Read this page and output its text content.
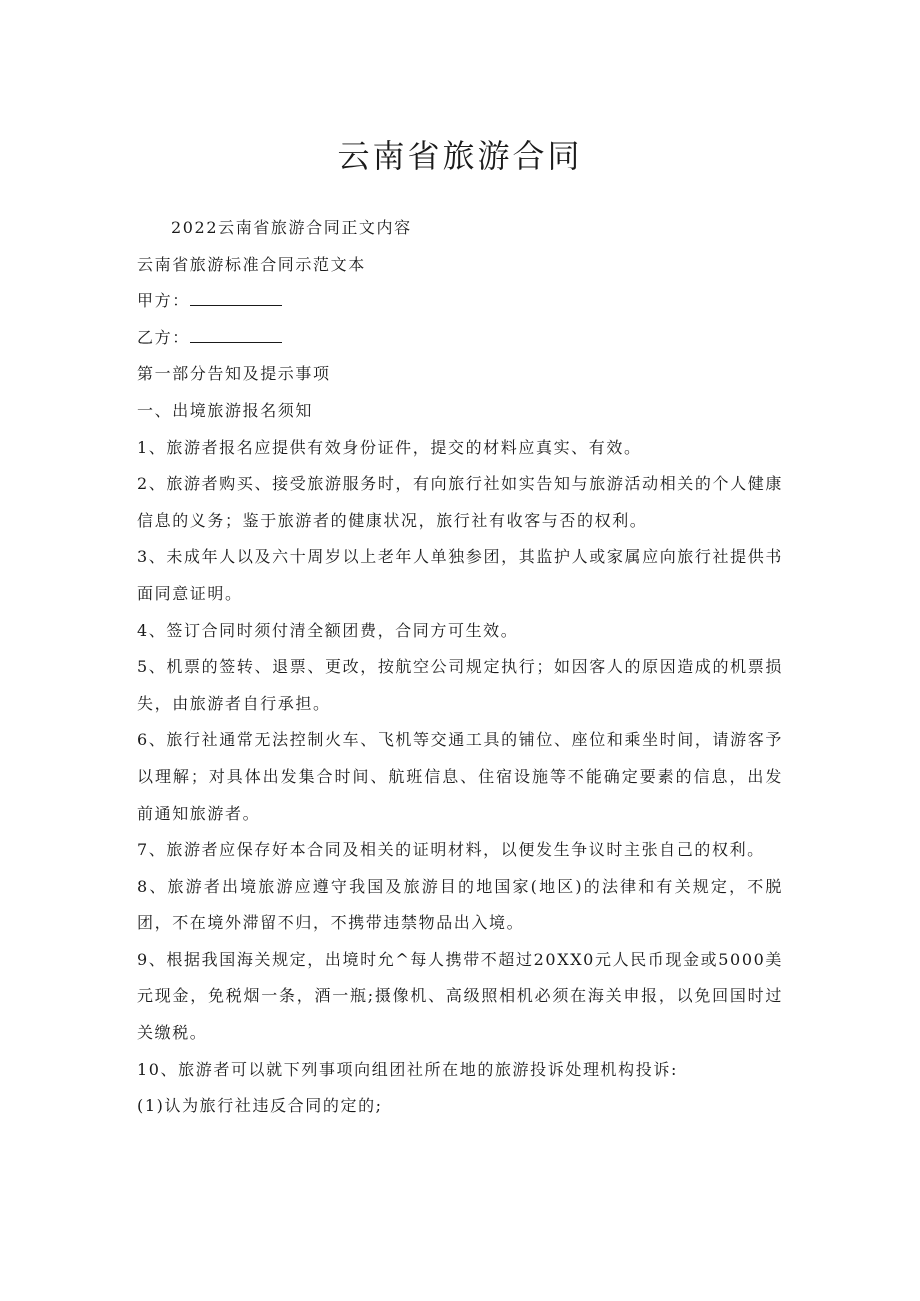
云南省旅游合同

2022云南省旅游合同正文内容

云南省旅游标准合同示范文本

甲方：

乙方：

第一部分告知及提示事项

一、出境旅游报名须知

1、旅游者报名应提供有效身份证件，提交的材料应真实、有效。

2、旅游者购买、接受旅游服务时，有向旅行社如实告知与旅游活动相关的个人健康信息的义务；鉴于旅游者的健康状况，旅行社有收客与否的权利。

3、未成年人以及六十周岁以上老年人单独参团，其监护人或家属应向旅行社提供书面同意证明。

4、签订合同时须付清全额团费，合同方可生效。

5、机票的签转、退票、更改，按航空公司规定执行；如因客人的原因造成的机票损失，由旅游者自行承担。

6、旅行社通常无法控制火车、飞机等交通工具的铺位、座位和乘坐时间，请游客予以理解；对具体出发集合时间、航班信息、住宿设施等不能确定要素的信息，出发前通知旅游者。

7、旅游者应保存好本合同及相关的证明材料，以便发生争议时主张自己的权利。

8、旅游者出境旅游应遵守我国及旅游目的地国家(地区)的法律和有关规定，不脱团，不在境外滞留不归，不携带违禁物品出入境。

9、根据我国海关规定，出境时允^每人携带不超过20XX0元人民币现金或5000美元现金，免税烟一条，酒一瓶;摄像机、高级照相机必须在海关申报，以免回国时过关缴税。

10、旅游者可以就下列事项向组团社所在地的旅游投诉处理机构投诉:

(1)认为旅行社违反合同的定的;
